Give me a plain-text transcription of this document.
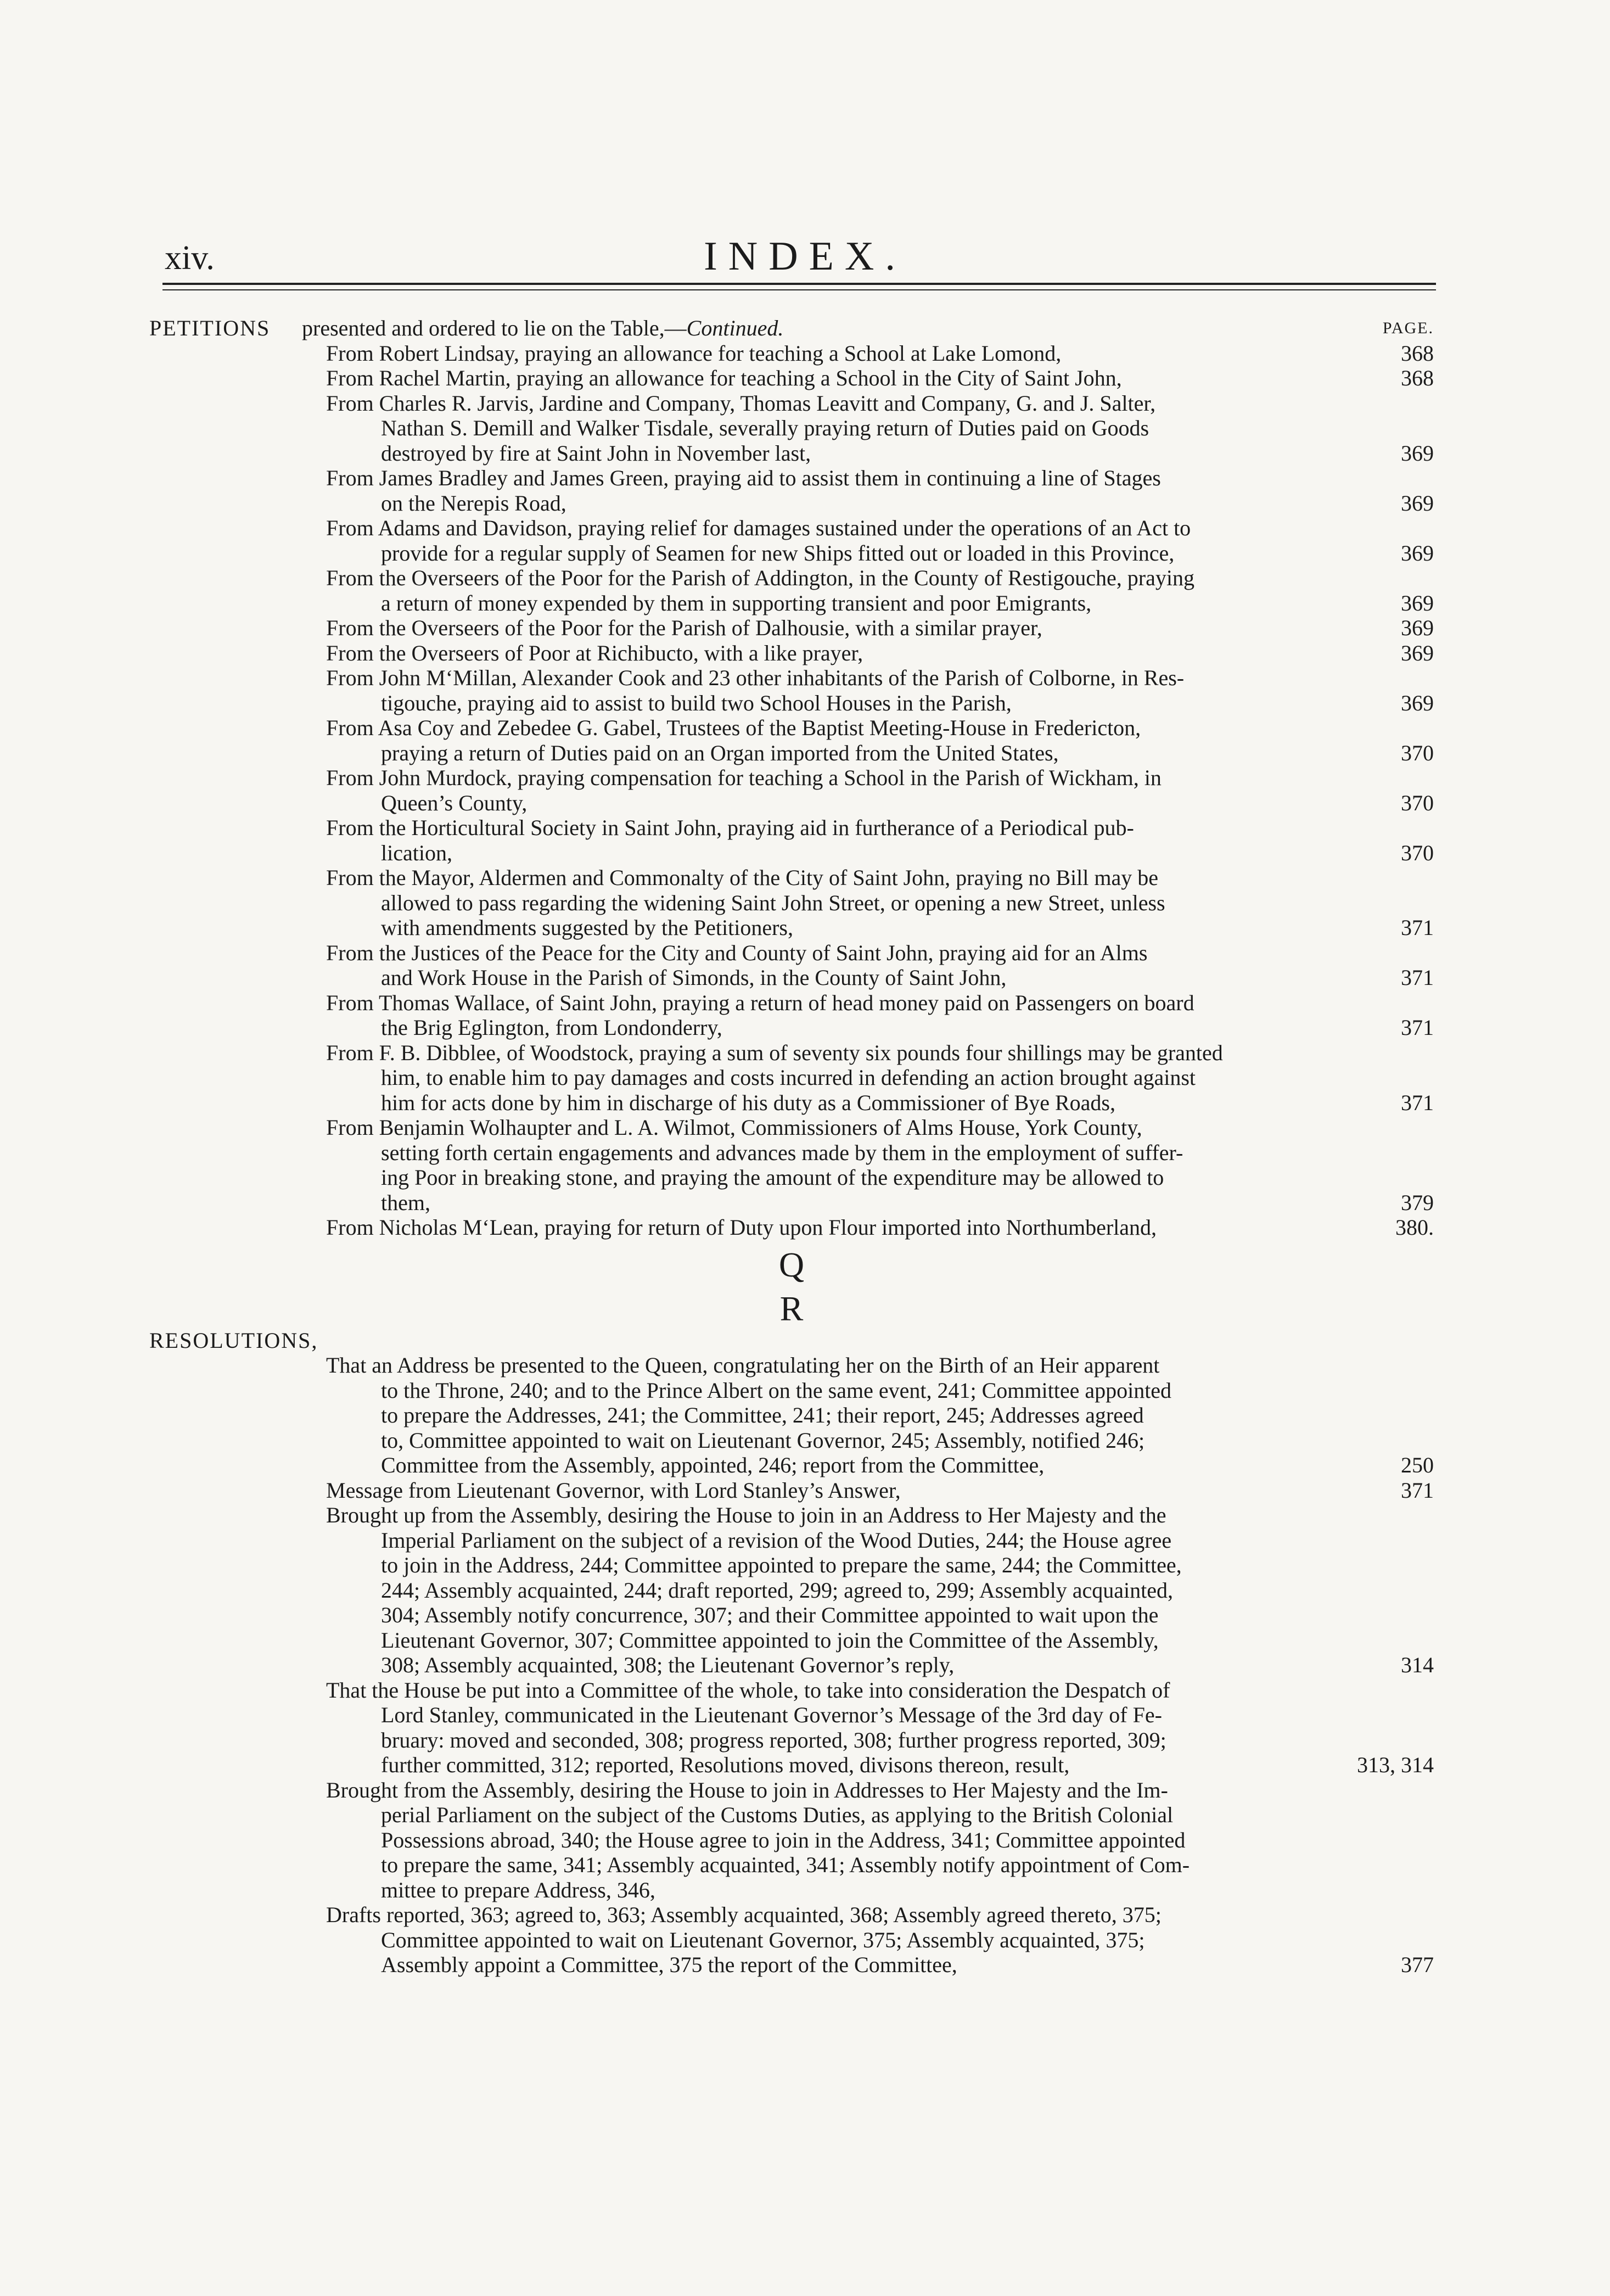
xiv.	INDEX.
PETITIONS presented and ordered to lie on the Table,—Continued.	PAGE.
From Robert Lindsay, praying an allowance for teaching a School at Lake Lomond,	368
From Rachel Martin, praying an allowance for teaching a School in the City of Saint John,	368
From Charles R. Jarvis, Jardine and Company, Thomas Leavitt and Company, G. and J. Salter,
Nathan S. Demill and Walker Tisdale, severally praying return of Duties paid on Goods
destroyed by fire at Saint John in November last,	369
From James Bradley and James Green, praying aid to assist them in continuing a line of Stages
on the Nerepis Road,	369
From Adams and Davidson, praying relief for damages sustained under the operations of an Act to
provide for a regular supply of Seamen for new Ships fitted out or loaded in this Province,	369
From the Overseers of the Poor for the Parish of Addington, in the County of Restigouche, praying
a return of money expended by them in supporting transient and poor Emigrants,	369
From the Overseers of the Poor for the Parish of Dalhousie, with a similar prayer,	369
From the Overseers of Poor at Richibucto, with a like prayer,	369
From John M‘Millan, Alexander Cook and 23 other inhabitants of the Parish of Colborne, in Res-
tigouche, praying aid to assist to build two School Houses in the Parish,	369
From Asa Coy and Zebedee G. Gabel, Trustees of the Baptist Meeting-House in Fredericton,
praying a return of Duties paid on an Organ imported from the United States,	370
From John Murdock, praying compensation for teaching a School in the Parish of Wickham, in
Queen’s County,	370
From the Horticultural Society in Saint John, praying aid in furtherance of a Periodical pub-
lication,	370
From the Mayor, Aldermen and Commonalty of the City of Saint John, praying no Bill may be
allowed to pass regarding the widening Saint John Street, or opening a new Street, unless
with amendments suggested by the Petitioners,	371
From the Justices of the Peace for the City and County of Saint John, praying aid for an Alms
and Work House in the Parish of Simonds, in the County of Saint John,	371
From Thomas Wallace, of Saint John, praying a return of head money paid on Passengers on board
the Brig Eglington, from Londonderry,	371
From F. B. Dibblee, of Woodstock, praying a sum of seventy six pounds four shillings may be granted
him, to enable him to pay damages and costs incurred in defending an action brought against
him for acts done by him in discharge of his duty as a Commissioner of Bye Roads,	371
From Benjamin Wolhaupter and L. A. Wilmot, Commissioners of Alms House, York County,
setting forth certain engagements and advances made by them in the employment of suffer-
ing Poor in breaking stone, and praying the amount of the expenditure may be allowed to
them,	379
From Nicholas M‘Lean, praying for return of Duty upon Flour imported into Northumberland,	380.
Q
R
RESOLUTIONS,
That an Address be presented to the Queen, congratulating her on the Birth of an Heir apparent
to the Throne, 240; and to the Prince Albert on the same event, 241; Committee appointed
to prepare the Addresses, 241; the Committee, 241; their report, 245; Addresses agreed
to, Committee appointed to wait on Lieutenant Governor, 245; Assembly, notified 246;
Committee from the Assembly, appointed, 246; report from the Committee,	250
Message from Lieutenant Governor, with Lord Stanley’s Answer,	371
Brought up from the Assembly, desiring the House to join in an Address to Her Majesty and the
Imperial Parliament on the subject of a revision of the Wood Duties, 244; the House agree
to join in the Address, 244; Committee appointed to prepare the same, 244; the Committee,
244; Assembly acquainted, 244; draft reported, 299; agreed to, 299; Assembly acquainted,
304; Assembly notify concurrence, 307; and their Committee appointed to wait upon the
Lieutenant Governor, 307; Committee appointed to join the Committee of the Assembly,
308; Assembly acquainted, 308; the Lieutenant Governor’s reply,	314
That the House be put into a Committee of the whole, to take into consideration the Despatch of
Lord Stanley, communicated in the Lieutenant Governor’s Message of the 3rd day of Fe-
bruary: moved and seconded, 308; progress reported, 308; further progress reported, 309;
further committed, 312; reported, Resolutions moved, divisons thereon, result,	313, 314
Brought from the Assembly, desiring the House to join in Addresses to Her Majesty and the Im-
perial Parliament on the subject of the Customs Duties, as applying to the British Colonial
Possessions abroad, 340; the House agree to join in the Address, 341; Committee appointed
to prepare the same, 341; Assembly acquainted, 341; Assembly notify appointment of Com-
mittee to prepare Address, 346,
Drafts reported, 363; agreed to, 363; Assembly acquainted, 368; Assembly agreed thereto, 375;
Committee appointed to wait on Lieutenant Governor, 375; Assembly acquainted, 375;
Assembly appoint a Committee, 375 the report of the Committee,	377
